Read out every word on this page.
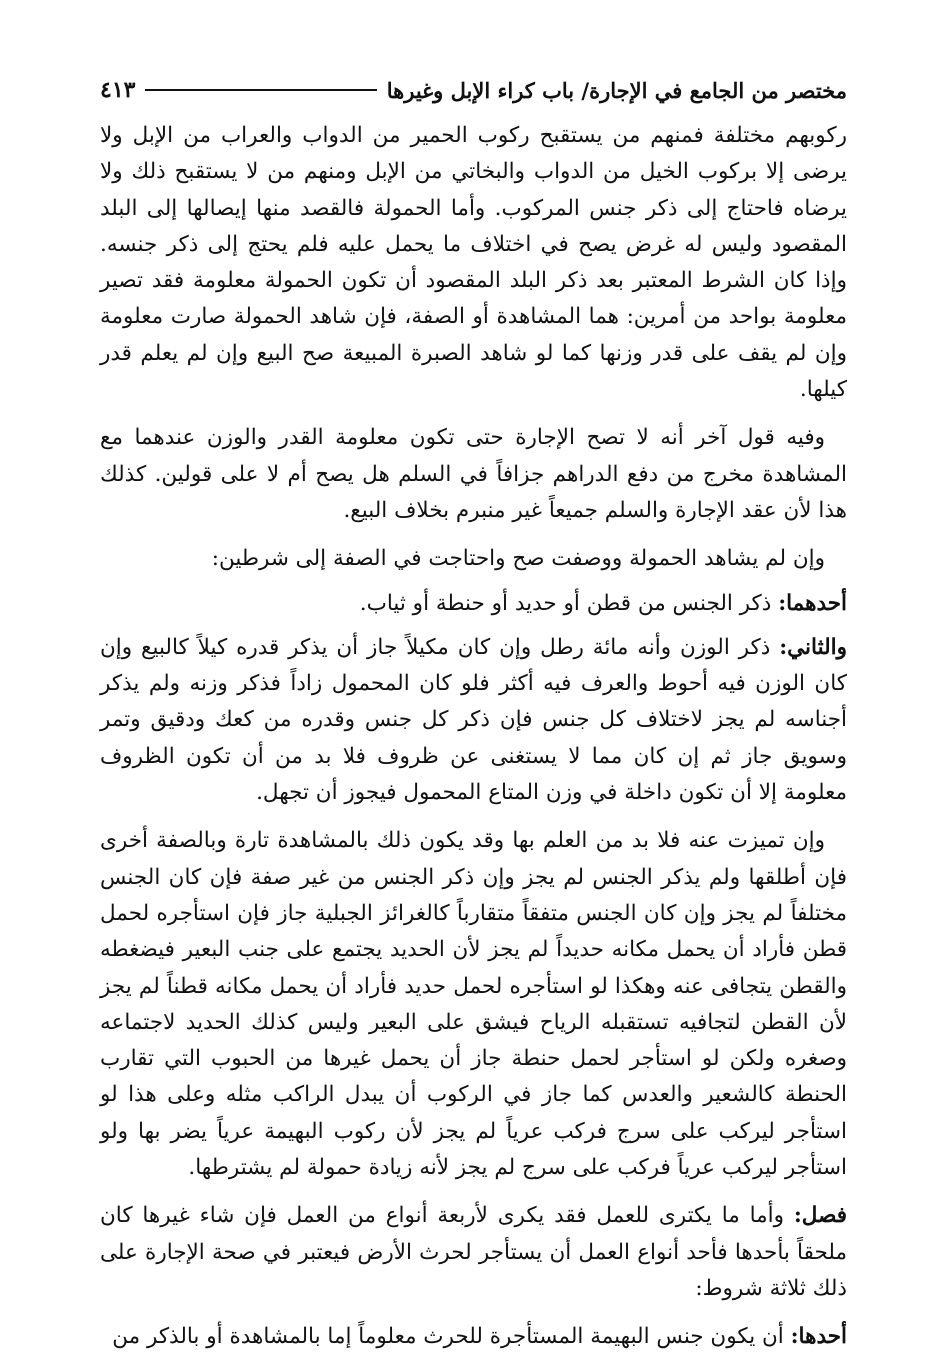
مختصر من الجامع في الإجارة/ باب كراء الإبل وغيرها
٤١٣

ركوبهم مختلفة فمنهم من يستقبح ركوب الحمير من الدواب والعراب من الإبل ولا يرضى إلا بركوب الخيل من الدواب والبخاتي من الإبل ومنهم من لا يستقبح ذلك ولا يرضاه فاحتاج إلى ذكر جنس المركوب. وأما الحمولة فالقصد منها إيصالها إلى البلد المقصود وليس له غرض يصح في اختلاف ما يحمل عليه فلم يحتج إلى ذكر جنسه. وإذا كان الشرط المعتبر بعد ذكر البلد المقصود أن تكون الحمولة معلومة فقد تصير معلومة بواحد من أمرين: هما المشاهدة أو الصفة، فإن شاهد الحمولة صارت معلومة وإن لم يقف على قدر وزنها كما لو شاهد الصبرة المبيعة صح البيع وإن لم يعلم قدر كيلها.

وفيه قول آخر أنه لا تصح الإجارة حتى تكون معلومة القدر والوزن عندهما مع المشاهدة مخرج من دفع الدراهم جزافاً في السلم هل يصح أم لا على قولين. كذلك هذا لأن عقد الإجارة والسلم جميعاً غير منبرم بخلاف البيع.

وإن لم يشاهد الحمولة ووصفت صح واحتاجت في الصفة إلى شرطين:

أحدهما: ذكر الجنس من قطن أو حديد أو حنطة أو ثياب.

والثاني: ذكر الوزن وأنه مائة رطل وإن كان مكيلاً جاز أن يذكر قدره كيلاً كالبيع وإن كان الوزن فيه أحوط والعرف فيه أكثر فلو كان المحمول زاداً فذكر وزنه ولم يذكر أجناسه لم يجز لاختلاف كل جنس فإن ذكر كل جنس وقدره من كعك ودقيق وتمر وسويق جاز ثم إن كان مما لا يستغنى عن ظروف فلا بد من أن تكون الظروف معلومة إلا أن تكون داخلة في وزن المتاع المحمول فيجوز أن تجهل.

وإن تميزت عنه فلا بد من العلم بها وقد يكون ذلك بالمشاهدة تارة وبالصفة أخرى فإن أطلقها ولم يذكر الجنس لم يجز وإن ذكر الجنس من غير صفة فإن كان الجنس مختلفاً لم يجز وإن كان الجنس متفقاً متقارباً كالغرائز الجبلية جاز فإن استأجره لحمل قطن فأراد أن يحمل مكانه حديداً لم يجز لأن الحديد يجتمع على جنب البعير فيضغطه والقطن يتجافى عنه وهكذا لو استأجره لحمل حديد فأراد أن يحمل مكانه قطناً لم يجز لأن القطن لتجافيه تستقبله الرياح فيشق على البعير وليس كذلك الحديد لاجتماعه وصغره ولكن لو استأجر لحمل حنطة جاز أن يحمل غيرها من الحبوب التي تقارب الحنطة كالشعير والعدس كما جاز في الركوب أن يبدل الراكب مثله وعلى هذا لو استأجر ليركب على سرج فركب عرياً لم يجز لأن ركوب البهيمة عرياً يضر بها ولو استأجر ليركب عرياً فركب على سرج لم يجز لأنه زيادة حمولة لم يشترطها.

فصل: وأما ما يكترى للعمل فقد يكرى لأربعة أنواع من العمل فإن شاء غيرها كان ملحقاً بأحدها فأحد أنواع العمل أن يستأجر لحرث الأرض فيعتبر في صحة الإجارة على ذلك ثلاثة شروط:

أحدها: أن يكون جنس البهيمة المستأجرة للحرث معلوماً إما بالمشاهدة أو بالذكر من
